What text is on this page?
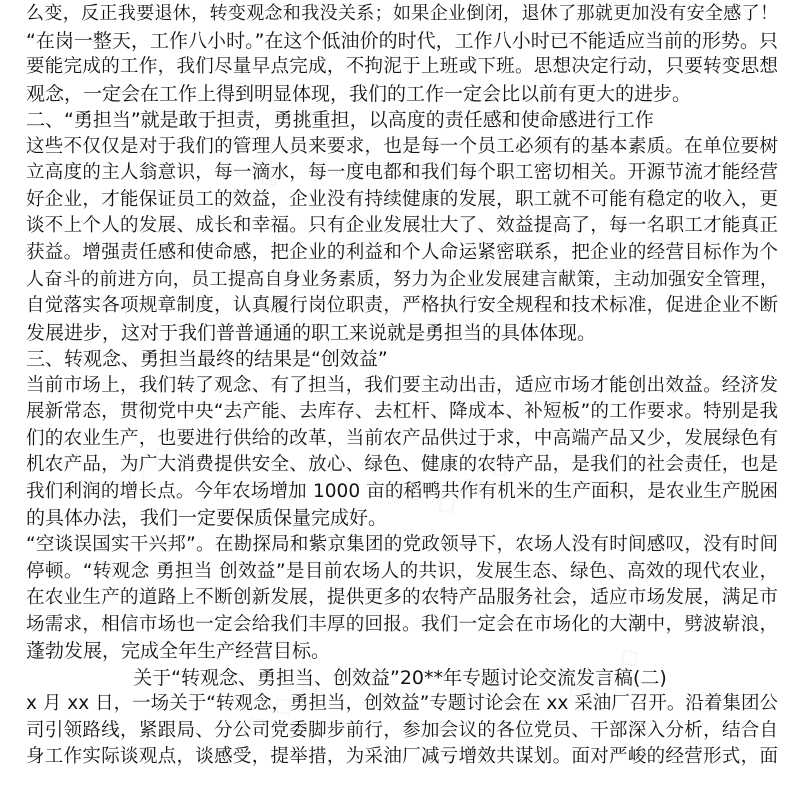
么变，反正我要退休，转变观念和我没关系；如果企业倒闭，退休了那就更加没有安全感了！
“在岗一整天，工作八小时。”在这个低油价的时代，工作八小时已不能适应当前的形势。只
要能完成的工作，我们尽量早点完成，不拘泥于上班或下班。思想决定行动，只要转变思想
观念，一定会在工作上得到明显体现，我们的工作一定会比以前有更大的进步。
二、“勇担当”就是敢于担责，勇挑重担，以高度的责任感和使命感进行工作
这些不仅仅是对于我们的管理人员来要求，也是每一个员工必须有的基本素质。在单位要树
立高度的主人翁意识，每一滴水，每一度电都和我们每个职工密切相关。开源节流才能经营
好企业，才能保证员工的效益，企业没有持续健康的发展，职工就不可能有稳定的收入，更
谈不上个人的发展、成长和幸福。只有企业发展壮大了、效益提高了，每一名职工才能真正
获益。增强责任感和使命感，把企业的利益和个人命运紧密联系，把企业的经营目标作为个
人奋斗的前进方向，员工提高自身业务素质，努力为企业发展建言献策，主动加强安全管理，
自觉落实各项规章制度，认真履行岗位职责，严格执行安全规程和技术标准，促进企业不断
发展进步，这对于我们普普通通的职工来说就是勇担当的具体体现。
三、转观念、勇担当最终的结果是“创效益”
当前市场上，我们转了观念、有了担当，我们要主动出击，适应市场才能创出效益。经济发
展新常态，贯彻党中央“去产能、去库存、去杠杆、降成本、补短板”的工作要求。特别是我
们的农业生产，也要进行供给的改革，当前农产品供过于求，中高端产品又少，发展绿色有
机农产品，为广大消费提供安全、放心、绿色、健康的农特产品，是我们的社会责任，也是
我们利润的增长点。今年农场增加 1000 亩的稻鸭共作有机米的生产面积，是农业生产脱困
的具体办法，我们一定要保质保量完成好。
“空谈误国实干兴邦”。在勘探局和紫京集团的党政领导下，农场人没有时间感叹，没有时间
停顿。“转观念 勇担当 创效益”是目前农场人的共识，发展生态、绿色、高效的现代农业，
在农业生产的道路上不断创新发展，提供更多的农特产品服务社会，适应市场发展，满足市
场需求，相信市场也一定会给我们丰厚的回报。我们一定会在市场化的大潮中，劈波崭浪，
蓬勃发展，完成全年生产经营目标。
关于“转观念、勇担当、创效益”20**年专题讨论交流发言稿(二)
x 月 xx 日，一场关于“转观念，勇担当，创效益”专题讨论会在 xx 采油厂召开。沿着集团公
司引领路线，紧跟局、分公司党委脚步前行，参加会议的各位党员、干部深入分析，结合自
身工作实际谈观点，谈感受，提举措，为采油厂减亏增效共谋划。面对严峻的经营形式，面
◇ ◇ ◇
◇ ◇ ◇
◇ ◇ ◇	◇ ◇ ◇
◇ ◇ ◇
◇ ◇ ◇	◇ ◇ ◇
